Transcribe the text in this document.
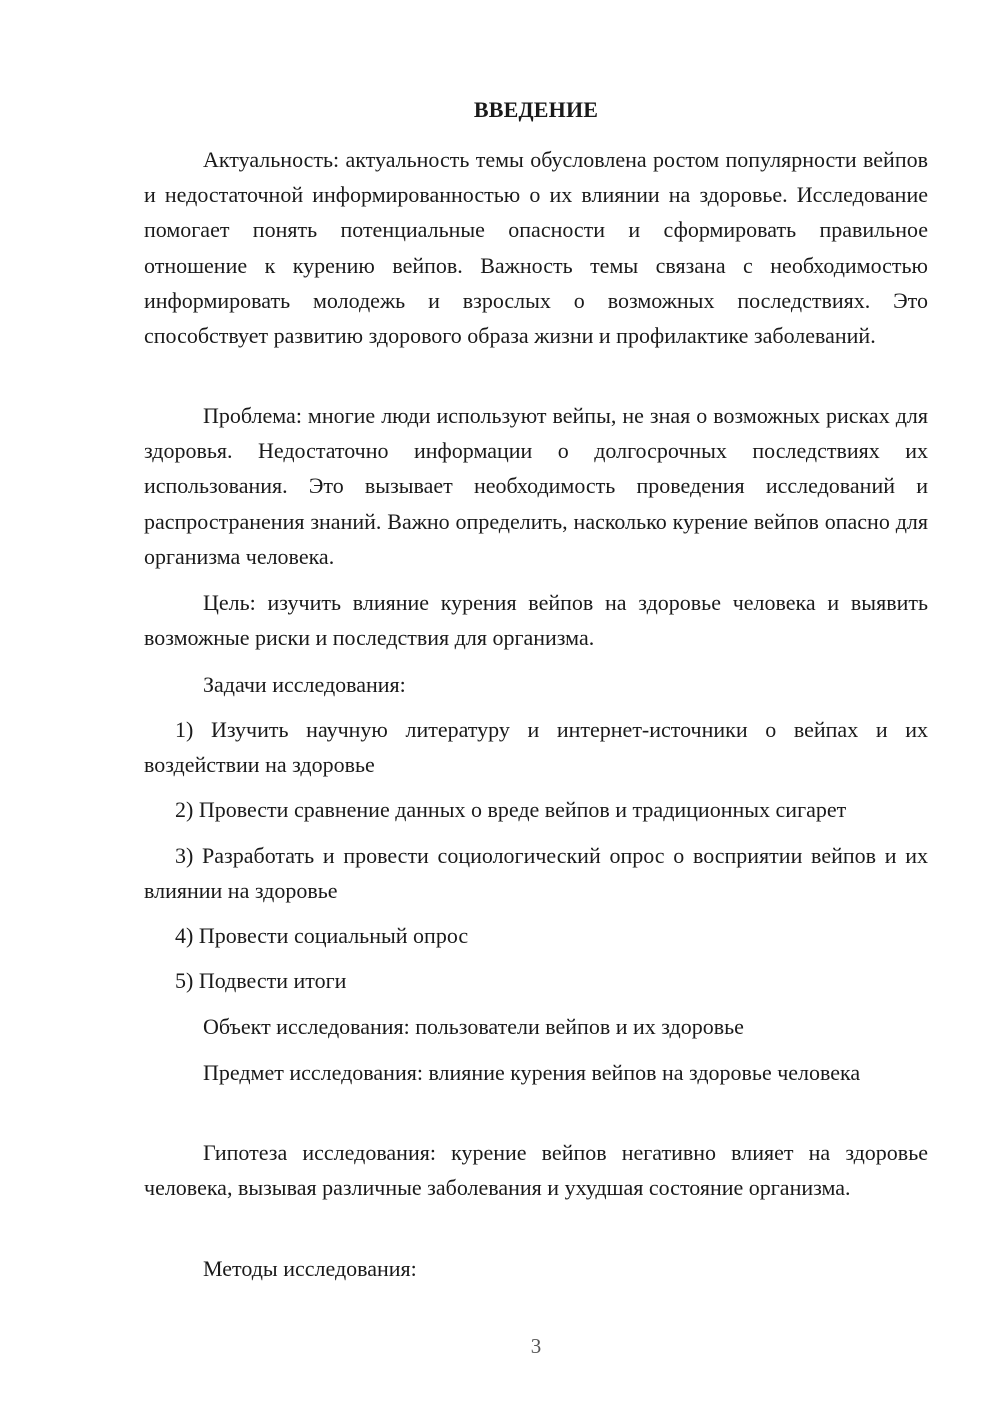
ВВЕДЕНИЕ

Актуальность: актуальность темы обусловлена ростом популярности вейпов и недостаточной информированностью о их влиянии на здоровье. Исследование помогает понять потенциальные опасности и сформировать правильное отношение к курению вейпов. Важность темы связана с необходимостью информировать молодежь и взрослых о возможных последствиях. Это способствует развитию здорового образа жизни и профилактике заболеваний.

Проблема: многие люди используют вейпы, не зная о возможных рисках для здоровья. Недостаточно информации о долгосрочных последствиях их использования. Это вызывает необходимость проведения исследований и распространения знаний. Важно определить, насколько курение вейпов опасно для организма человека.

Цель: изучить влияние курения вейпов на здоровье человека и выявить возможные риски и последствия для организма.

Задачи исследования:

1) Изучить научную литературу и интернет-источники о вейпах и их воздействии на здоровье

2) Провести сравнение данных о вреде вейпов и традиционных сигарет

3) Разработать и провести социологический опрос о восприятии вейпов и их влиянии на здоровье

4) Провести социальный опрос

5) Подвести итоги

Объект исследования: пользователи вейпов и их здоровье

Предмет исследования: влияние курения вейпов на здоровье человека

Гипотеза исследования: курение вейпов негативно влияет на здоровье человека, вызывая различные заболевания и ухудшая состояние организма.

Методы исследования:

3
